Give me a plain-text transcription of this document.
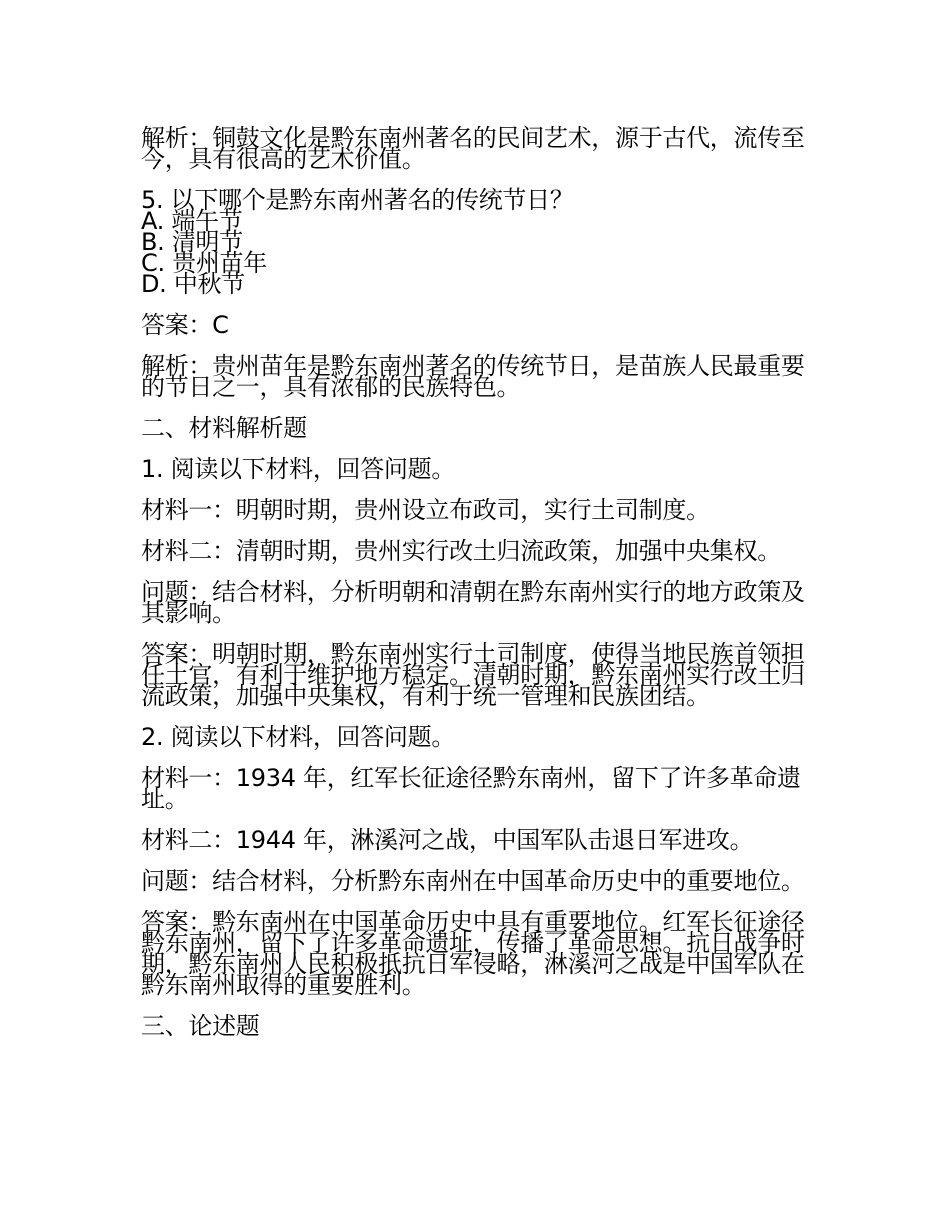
解析：铜鼓文化是黔东南州著名的民间艺术，源于古代，流传至今，具有很高的艺术价值。

5. 以下哪个是黔东南州著名的传统节日？

A. 端午节

B. 清明节

C. 贵州苗年

D. 中秋节

答案：C

解析：贵州苗年是黔东南州著名的传统节日，是苗族人民最重要的节日之一，具有浓郁的民族特色。

二、材料解析题

1. 阅读以下材料，回答问题。

材料一：明朝时期，贵州设立布政司，实行土司制度。

材料二：清朝时期，贵州实行改土归流政策，加强中央集权。

问题：结合材料，分析明朝和清朝在黔东南州实行的地方政策及其影响。

答案：明朝时期，黔东南州实行土司制度，使得当地民族首领担任土官，有利于维护地方稳定。清朝时期，黔东南州实行改土归流政策，加强中央集权，有利于统一管理和民族团结。

2. 阅读以下材料，回答问题。

材料一：1934 年，红军长征途径黔东南州，留下了许多革命遗址。

材料二：1944 年，淋溪河之战，中国军队击退日军进攻。

问题：结合材料，分析黔东南州在中国革命历史中的重要地位。

答案：黔东南州在中国革命历史中具有重要地位。红军长征途径黔东南州，留下了许多革命遗址，传播了革命思想。抗日战争时期，黔东南州人民积极抵抗日军侵略，淋溪河之战是中国军队在黔东南州取得的重要胜利。

三、论述题
